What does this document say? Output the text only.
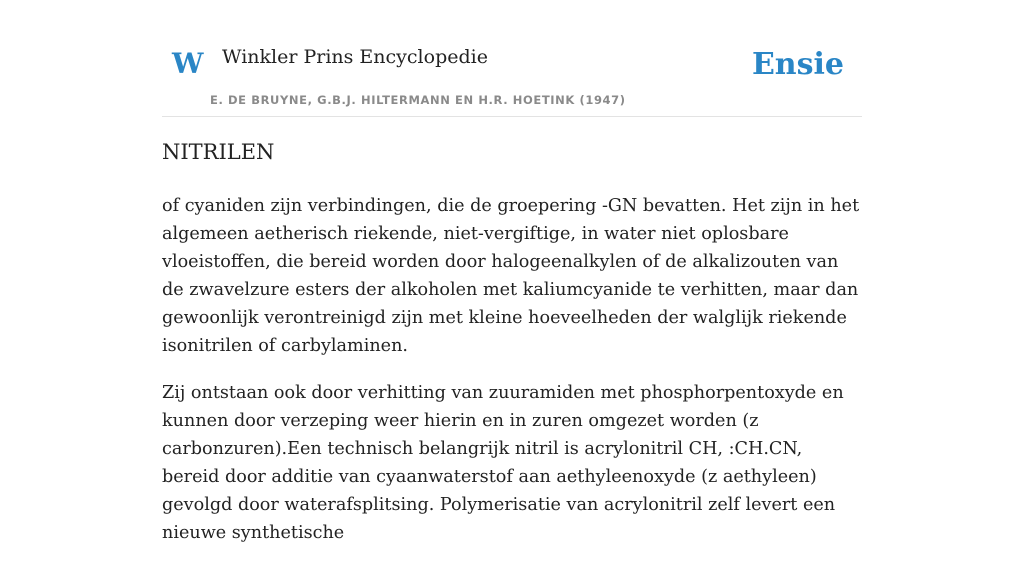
W Winkler Prins Encyclopedie
E. DE BRUYNE, G.B.J. HILTERMANN EN H.R. HOETINK (1947)
Ensie
NITRILEN

of cyaniden zijn verbindingen, die de groepering -GN bevatten. Het zijn in het algemeen aetherisch riekende, niet-vergiftige, in water niet oplosbare vloeistoffen, die bereid worden door halogeenalkylen of de alkalizouten van de zwavelzure esters der alkoholen met kaliumcyanide te verhitten, maar dan gewoonlijk verontreinigd zijn met kleine hoeveelheden der walglijk riekende isonitrilen of carbylaminen.

Zij ontstaan ook door verhitting van zuuramiden met phosphorpentoxyde en kunnen door verzeping weer hierin en in zuren omgezet worden (z carbonzuren).Een technisch belangrijk nitril is acrylonitril CH, :CH.CN, bereid door additie van cyaanwaterstof aan aethyleenoxyde (z aethyleen) gevolgd door waterafsplitsing. Polymerisatie van acrylonitril zelf levert een nieuwe synthetische
